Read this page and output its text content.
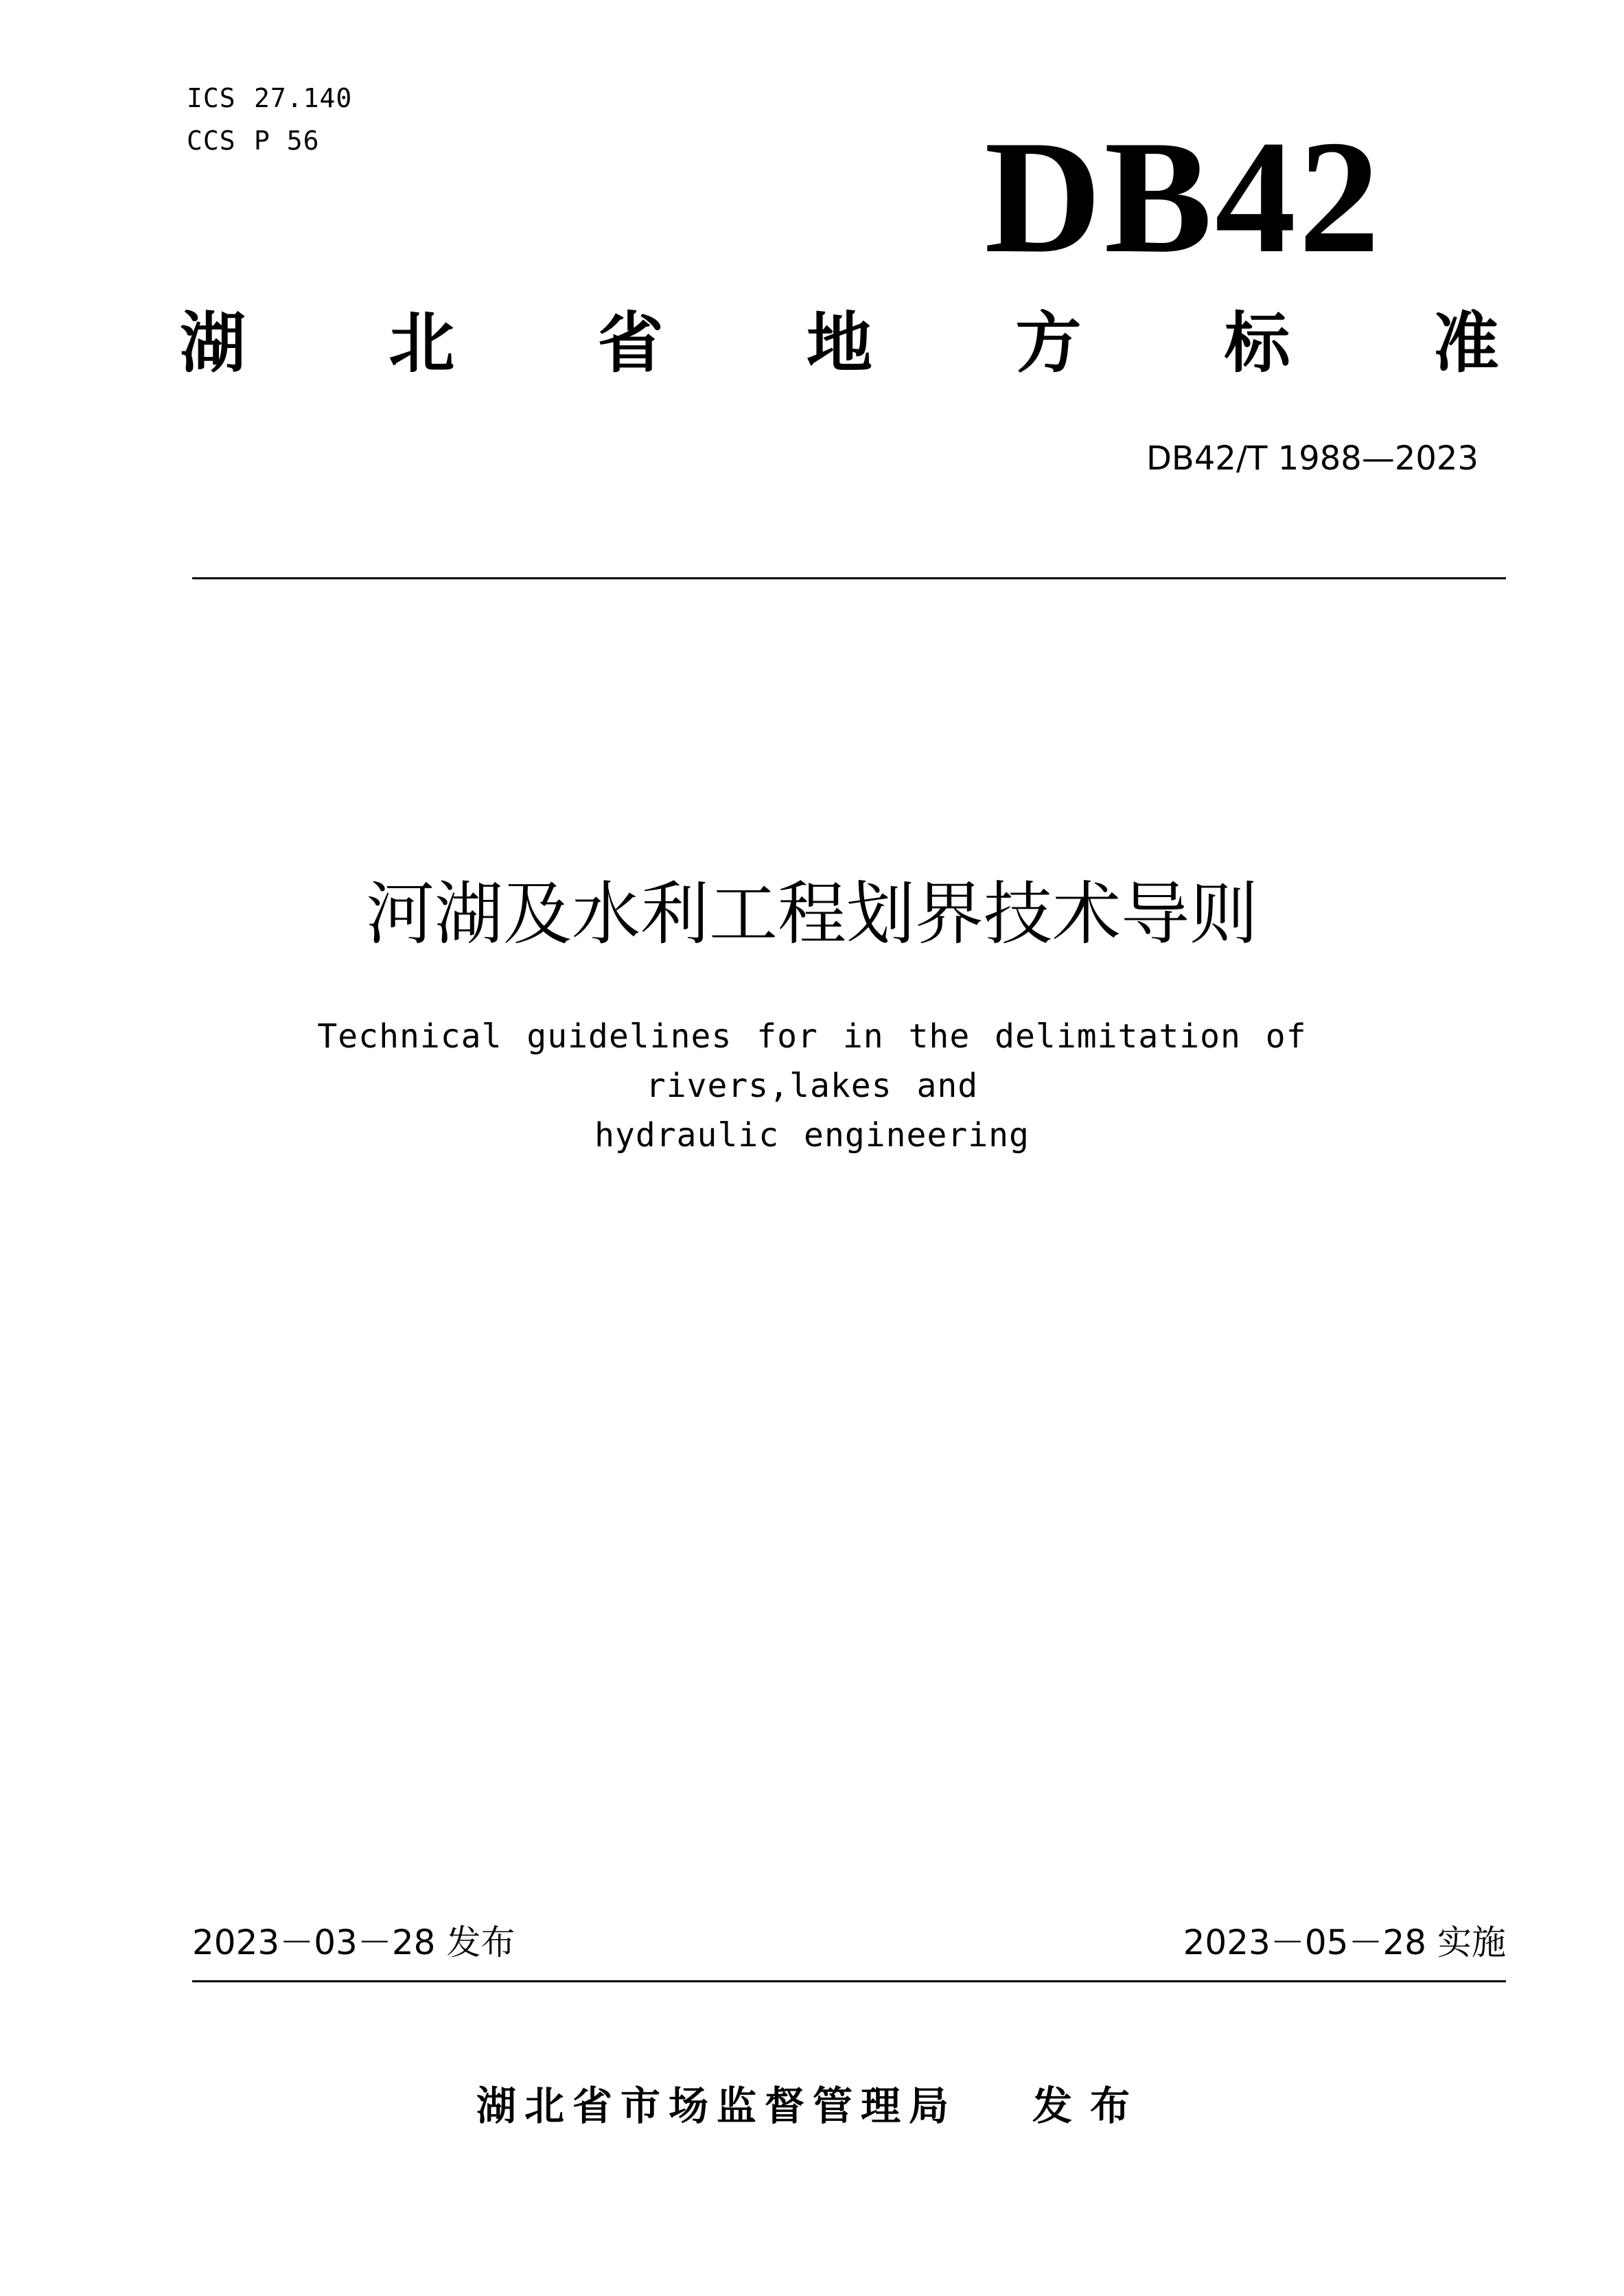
ICS 27.140
CCS P 56	DB42
湖 北 省 地 方 标 准
DB42/T 1988—2023
河湖及水利工程划界技术导则
Technical guidelines for in the delimitation of rivers,lakes and
hydraulic engineering
2023－03－28 发布	2023－05－28 实施
湖北省市场监督管理局 发布
